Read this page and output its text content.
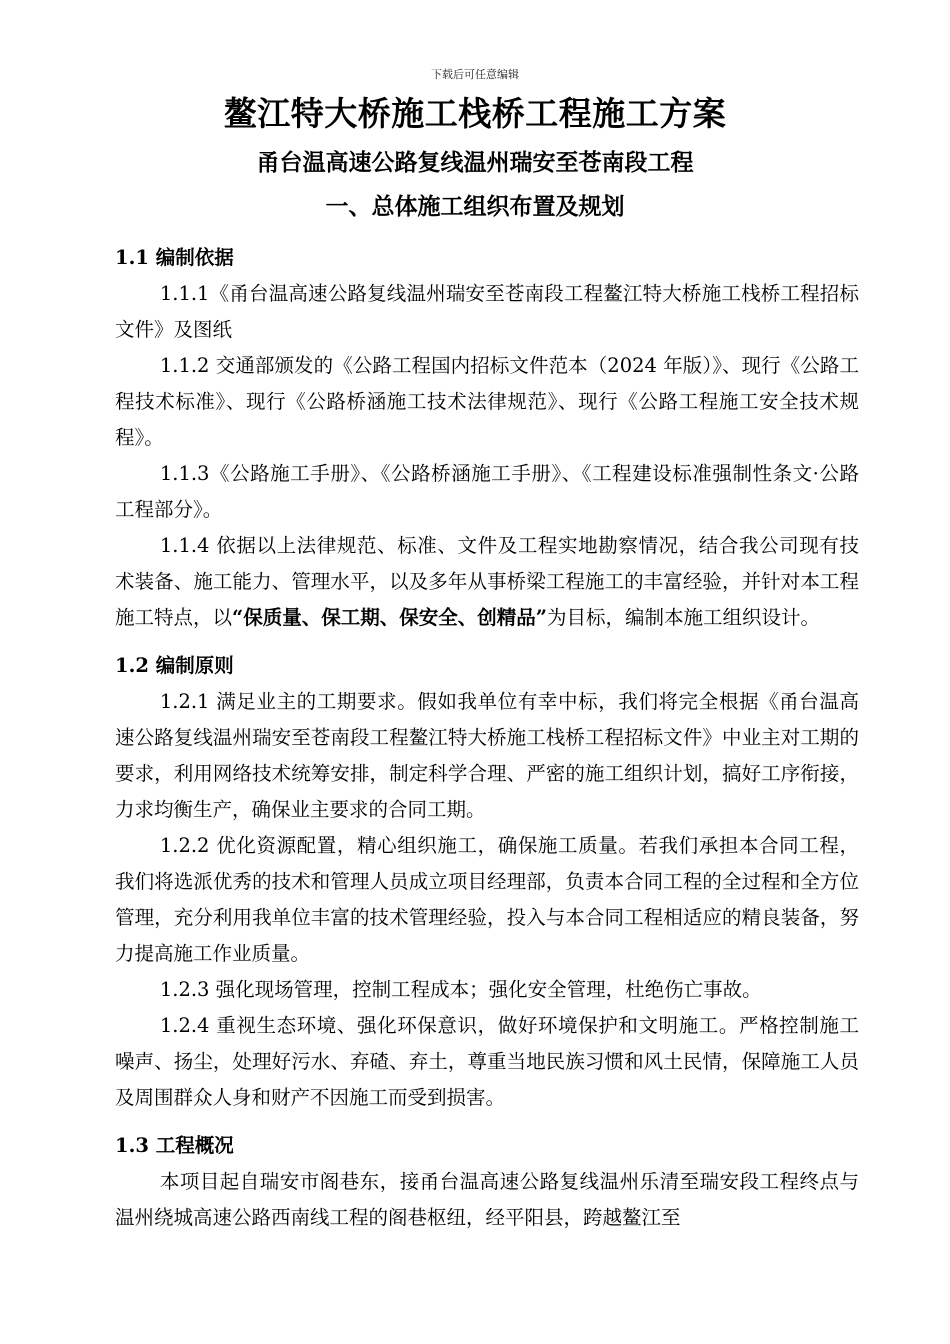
下载后可任意编辑
鳌江特大桥施工栈桥工程施工方案
甬台温高速公路复线温州瑞安至苍南段工程
一、总体施工组织布置及规划
1.1 编制依据
1.1.1《甬台温高速公路复线温州瑞安至苍南段工程鳌江特大桥施工栈桥工程招标文件》及图纸
1.1.2 交通部颁发的《公路工程国内招标文件范本（2024 年版）》、现行《公路工程技术标准》、现行《公路桥涵施工技术法律规范》、现行《公路工程施工安全技术规程》。
1.1.3《公路施工手册》、《公路桥涵施工手册》、《工程建设标准强制性条文·公路工程部分》。
1.1.4 依据以上法律规范、标准、文件及工程实地勘察情况，结合我公司现有技术装备、施工能力、管理水平，以及多年从事桥梁工程施工的丰富经验，并针对本工程施工特点，以“保质量、保工期、保安全、创精品”为目标，编制本施工组织设计。
1.2 编制原则
1.2.1 满足业主的工期要求。假如我单位有幸中标，我们将完全根据《甬台温高速公路复线温州瑞安至苍南段工程鳌江特大桥施工栈桥工程招标文件》中业主对工期的要求，利用网络技术统筹安排，制定科学合理、严密的施工组织计划，搞好工序衔接，力求均衡生产，确保业主要求的合同工期。
1.2.2 优化资源配置，精心组织施工，确保施工质量。若我们承担本合同工程，我们将选派优秀的技术和管理人员成立项目经理部，负责本合同工程的全过程和全方位管理，充分利用我单位丰富的技术管理经验，投入与本合同工程相适应的精良装备，努力提高施工作业质量。
1.2.3 强化现场管理，控制工程成本；强化安全管理，杜绝伤亡事故。
1.2.4 重视生态环境、强化环保意识，做好环境保护和文明施工。严格控制施工噪声、扬尘，处理好污水、弃碴、弃土，尊重当地民族习惯和风土民情，保障施工人员及周围群众人身和财产不因施工而受到损害。
1.3 工程概况
本项目起自瑞安市阁巷东，接甬台温高速公路复线温州乐清至瑞安段工程终点与温州绕城高速公路西南线工程的阁巷枢纽，经平阳县，跨越鳌江至
